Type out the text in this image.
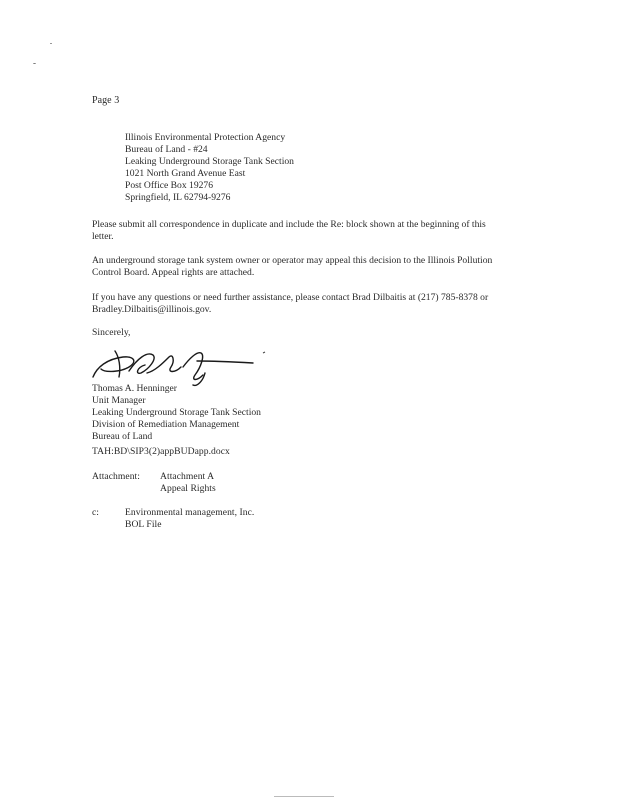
Page 3
Illinois Environmental Protection Agency
Bureau of Land - #24
Leaking Underground Storage Tank Section
1021 North Grand Avenue East
Post Office Box 19276
Springfield, IL 62794-9276
Please submit all correspondence in duplicate and include the Re: block shown at the beginning of this
letter.
An underground storage tank system owner or operator may appeal this decision to the Illinois Pollution
Control Board. Appeal rights are attached.
If you have any questions or need further assistance, please contact Brad Dilbaitis at (217) 785-8378 or
Bradley.Dilbaitis@illinois.gov.
Sincerely,
Thomas A. Henninger
Unit Manager
Leaking Underground Storage Tank Section
Division of Remediation Management
Bureau of Land
TAH:BD\SIP3(2)appBUDapp.docx
Attachment: Attachment A
Appeal Rights
c:	Environmental management, Inc.
BOL File
